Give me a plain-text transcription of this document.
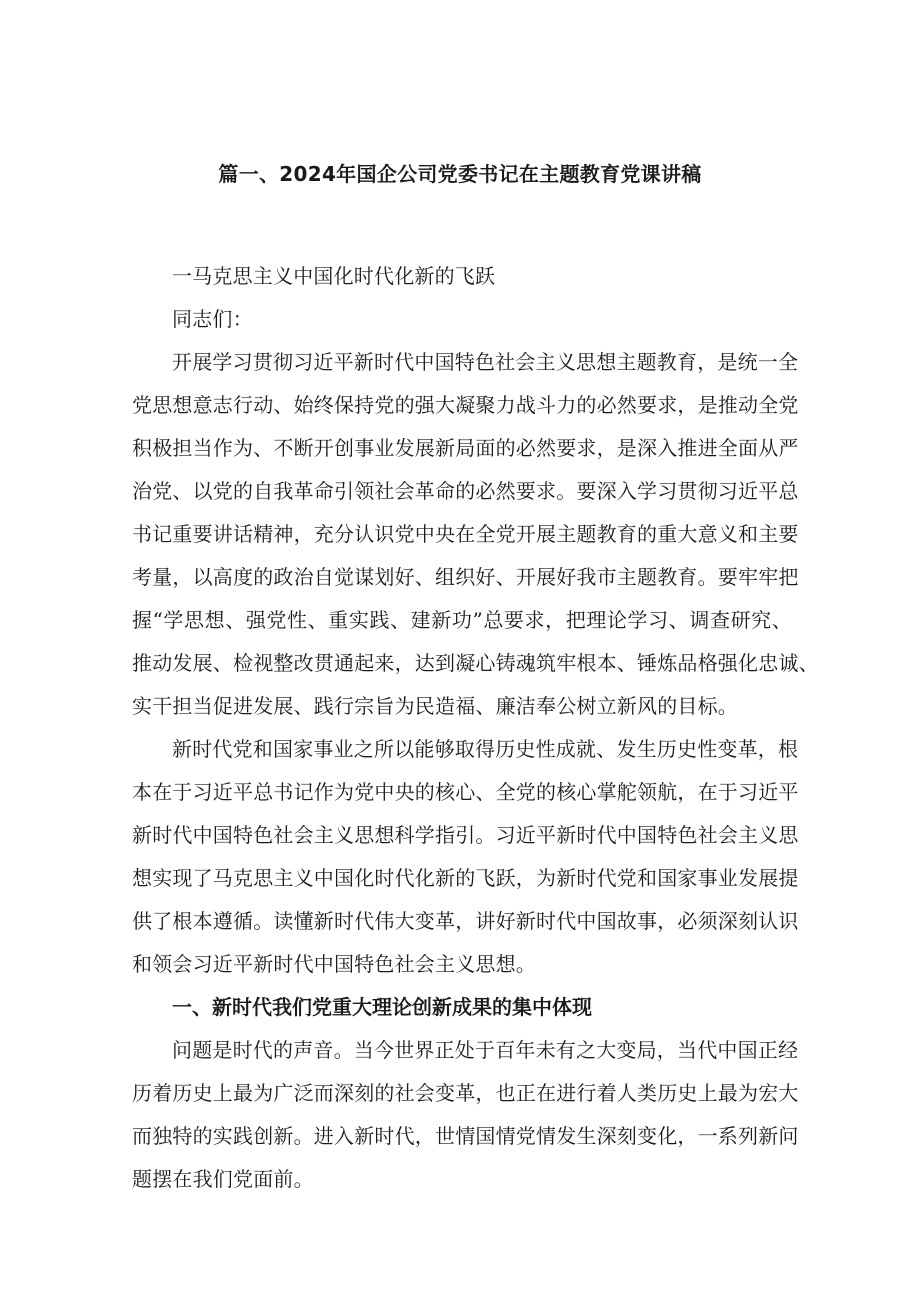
篇一、2024年国企公司党委书记在主题教育党课讲稿

一马克思主义中国化时代化新的飞跃

同志们：

开展学习贯彻习近平新时代中国特色社会主义思想主题教育，是统一全

党思想意志行动、始终保持党的强大凝聚力战斗力的必然要求，是推动全党

积极担当作为、不断开创事业发展新局面的必然要求，是深入推进全面从严

治党、以党的自我革命引领社会革命的必然要求。要深入学习贯彻习近平总

书记重要讲话精神，充分认识党中央在全党开展主题教育的重大意义和主要

考量，以高度的政治自觉谋划好、组织好、开展好我市主题教育。要牢牢把

握“学思想、强党性、重实践、建新功”总要求，把理论学习、调查研究、

推动发展、检视整改贯通起来，达到凝心铸魂筑牢根本、锤炼品格强化忠诚、

实干担当促进发展、践行宗旨为民造福、廉洁奉公树立新风的目标。

新时代党和国家事业之所以能够取得历史性成就、发生历史性变革，根

本在于习近平总书记作为党中央的核心、全党的核心掌舵领航，在于习近平

新时代中国特色社会主义思想科学指引。习近平新时代中国特色社会主义思

想实现了马克思主义中国化时代化新的飞跃，为新时代党和国家事业发展提

供了根本遵循。读懂新时代伟大变革，讲好新时代中国故事，必须深刻认识

和领会习近平新时代中国特色社会主义思想。

一、新时代我们党重大理论创新成果的集中体现

问题是时代的声音。当今世界正处于百年未有之大变局，当代中国正经

历着历史上最为广泛而深刻的社会变革，也正在进行着人类历史上最为宏大

而独特的实践创新。进入新时代，世情国情党情发生深刻变化，一系列新问

题摆在我们党面前。
